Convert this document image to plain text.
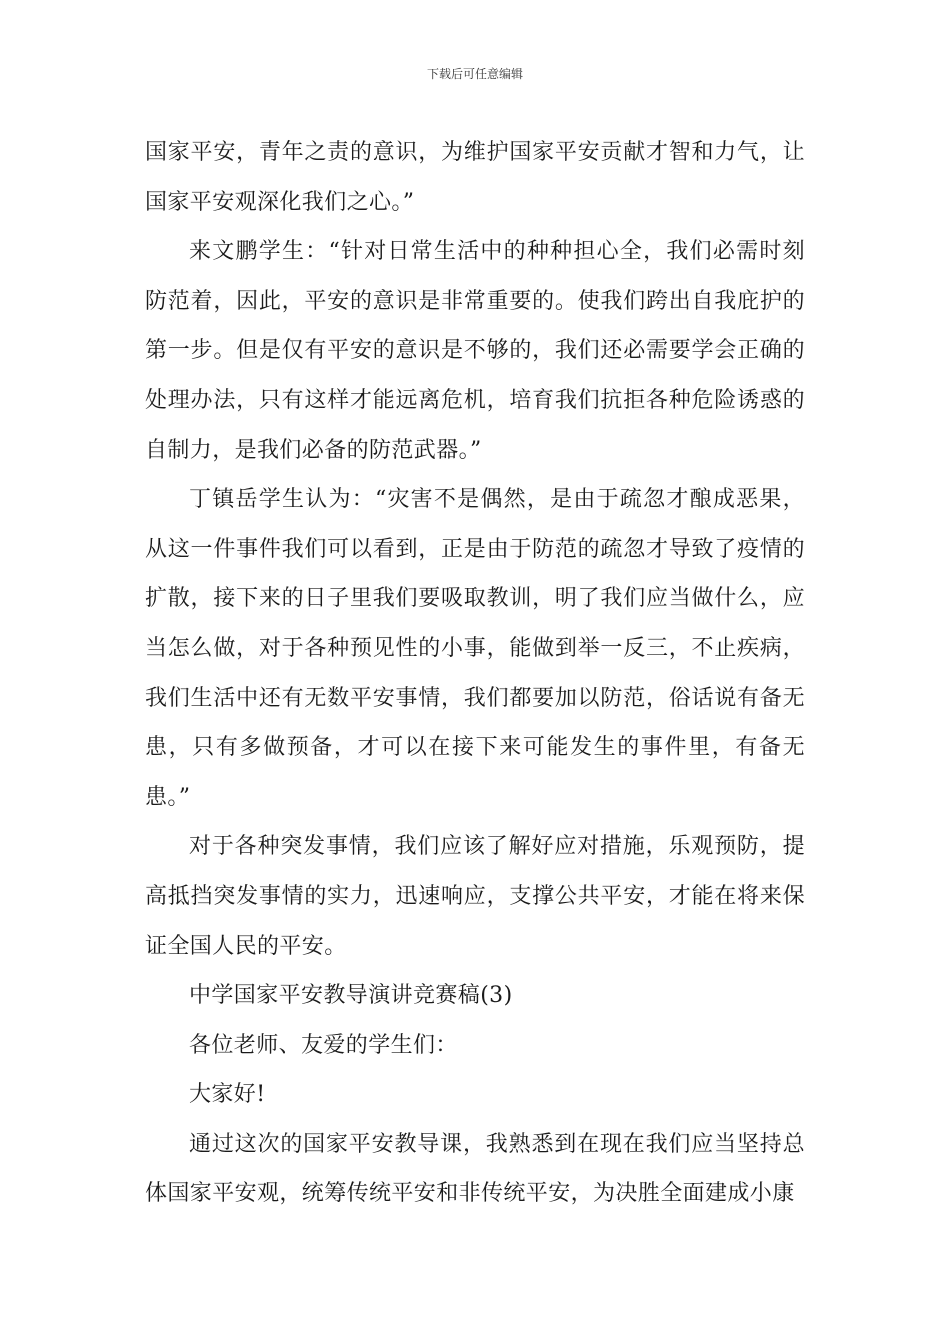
下载后可任意编辑

国家平安，青年之责的意识，为维护国家平安贡献才智和力气，让国家平安观深化我们之心。”

来文鹏学生：“针对日常生活中的种种担心全，我们必需时刻防范着，因此，平安的意识是非常重要的。使我们跨出自我庇护的第一步。但是仅有平安的意识是不够的，我们还必需要学会正确的处理办法，只有这样才能远离危机，培育我们抗拒各种危险诱惑的自制力，是我们必备的防范武器。”

丁镇岳学生认为：“灾害不是偶然，是由于疏忽才酿成恶果，从这一件事件我们可以看到，正是由于防范的疏忽才导致了疫情的扩散，接下来的日子里我们要吸取教训，明了我们应当做什么，应当怎么做，对于各种预见性的小事，能做到举一反三，不止疾病，我们生活中还有无数平安事情，我们都要加以防范，俗话说有备无患，只有多做预备，才可以在接下来可能发生的事件里，有备无患。”

对于各种突发事情，我们应该了解好应对措施，乐观预防，提高抵挡突发事情的实力，迅速响应，支撑公共平安，才能在将来保证全国人民的平安。

中学国家平安教导演讲竞赛稿(3)

各位老师、友爱的学生们：

大家好!

通过这次的国家平安教导课，我熟悉到在现在我们应当坚持总体国家平安观，统筹传统平安和非传统平安，为决胜全面建成小康
